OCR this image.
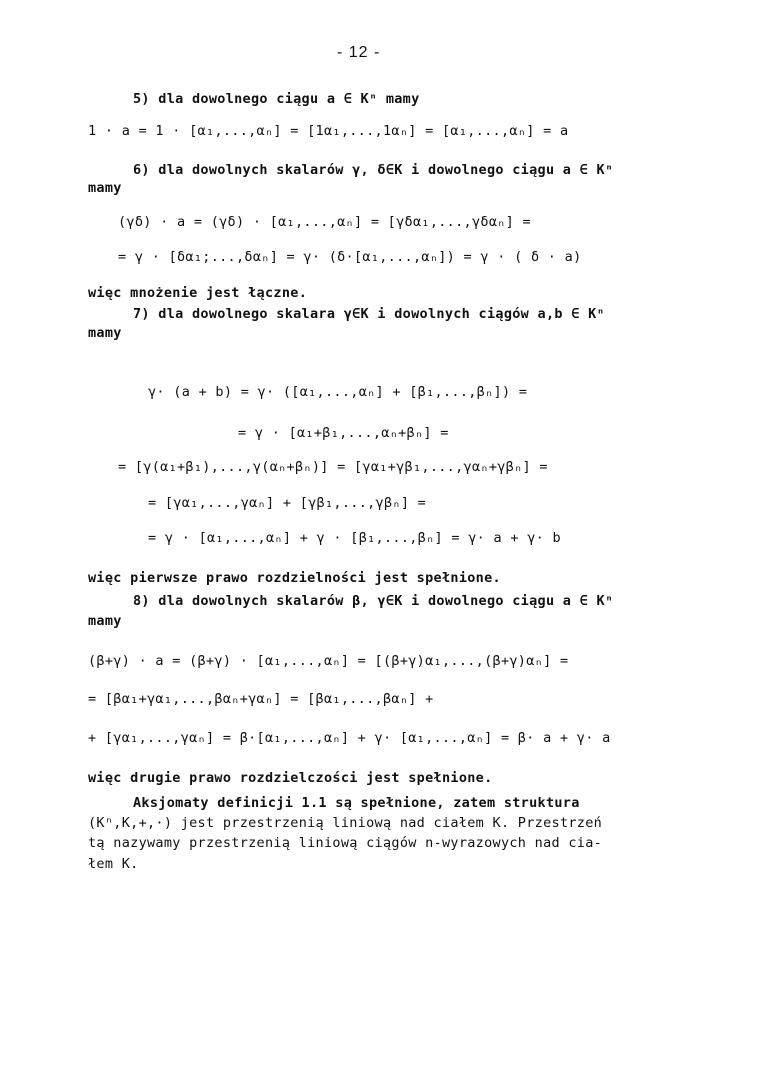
- 12 -
5) dla dowolnego ciągu a ∈ Kⁿ mamy
1 · a = 1 · [α₁,...,αₙ] = [1α₁,...,1αₙ] = [α₁,...,αₙ] = a
6) dla dowolnych skalarów γ, δ∈K i dowolnego ciągu a ∈ Kⁿ
mamy
(γδ) · a = (γδ) · [α₁,...,αₙ] = [γδα₁,...,γδαₙ] =
= γ · [δα₁;...,δαₙ] = γ· (δ·[α₁,...,αₙ]) = γ · ( δ · a)
więc mnożenie jest łączne.
7) dla dowolnego skalara γ∈K i dowolnych ciągów a,b ∈ Kⁿ
mamy
γ· (a + b) = γ· ([α₁,...,αₙ] + [β₁,...,βₙ]) =
= γ · [α₁+β₁,...,αₙ+βₙ] =
= [γ(α₁+β₁),...,γ(αₙ+βₙ)] = [γα₁+γβ₁,...,γαₙ+γβₙ] =
= [γα₁,...,γαₙ] + [γβ₁,...,γβₙ] =
= γ · [α₁,...,αₙ] + γ · [β₁,...,βₙ] = γ· a + γ· b
więc pierwsze prawo rozdzielności jest spełnione.
8) dla dowolnych skalarów β, γ∈K i dowolnego ciągu a ∈ Kⁿ
mamy
(β+γ) · a = (β+γ) · [α₁,...,αₙ] = [(β+γ)α₁,...,(β+γ)αₙ] =
= [βα₁+γα₁,...,βαₙ+γαₙ] = [βα₁,...,βαₙ] +
+ [γα₁,...,γαₙ] = β·[α₁,...,αₙ] + γ· [α₁,...,αₙ] = β· a + γ· a
więc drugie prawo rozdzielczości jest spełnione.
Aksjomaty definicji 1.1 są spełnione, zatem struktura
(Kⁿ,K,+,·) jest przestrzenią liniową nad ciałem K. Przestrzeń
tą nazywamy przestrzenią liniową ciągów n-wyrazowych nad cia-
łem K.
